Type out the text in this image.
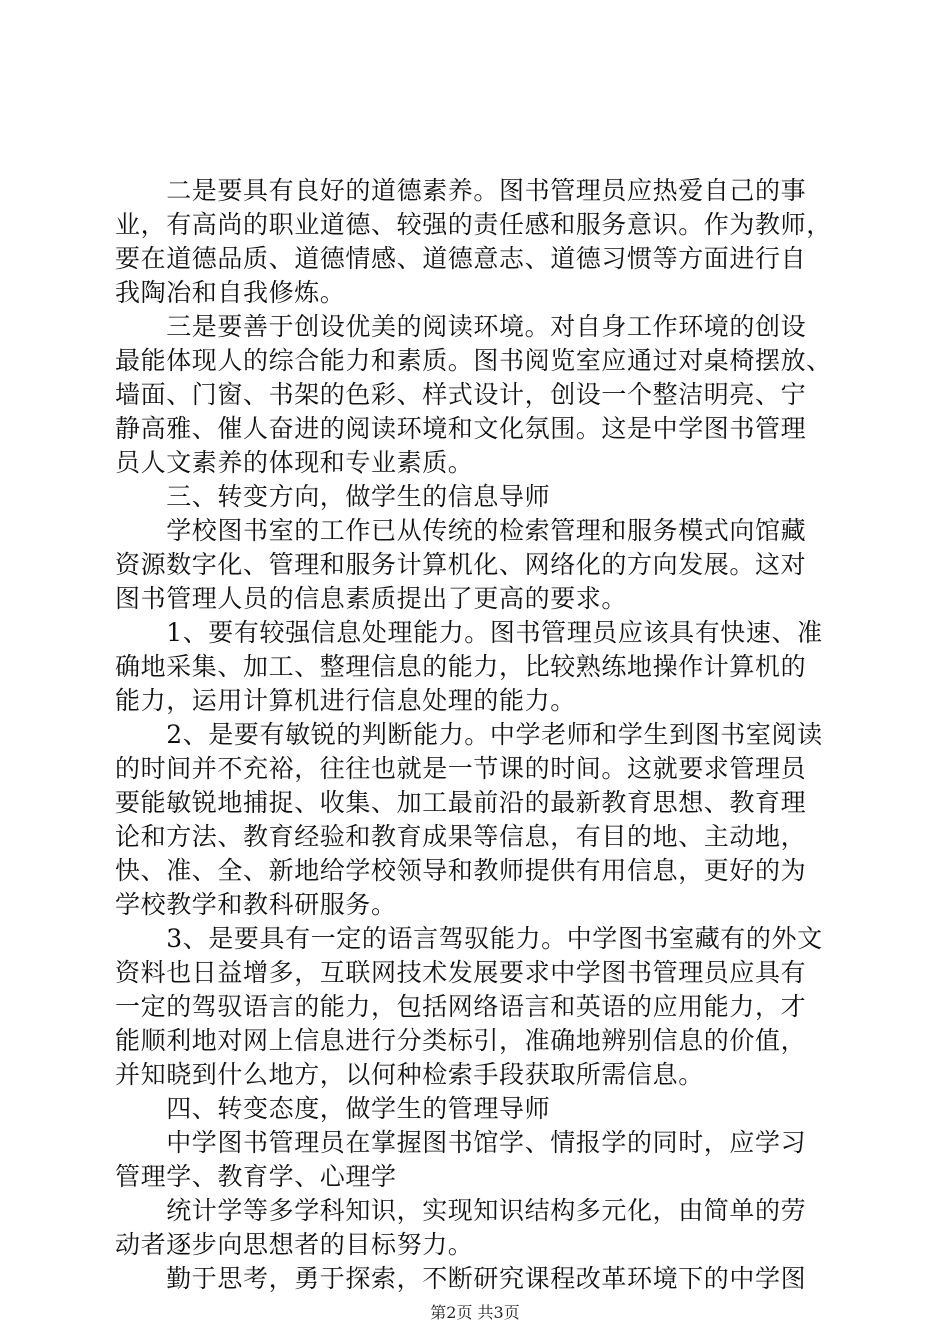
　　二是要具有良好的道德素养。图书管理员应热爱自己的事
业，有高尚的职业道德、较强的责任感和服务意识。作为教师，
要在道德品质、道德情感、道德意志、道德习惯等方面进行自
我陶冶和自我修炼。
　　三是要善于创设优美的阅读环境。对自身工作环境的创设
最能体现人的综合能力和素质。图书阅览室应通过对桌椅摆放、
墙面、门窗、书架的色彩、样式设计，创设一个整洁明亮、宁
静高雅、催人奋进的阅读环境和文化氛围。这是中学图书管理
员人文素养的体现和专业素质。
　　三、转变方向，做学生的信息导师
　　学校图书室的工作已从传统的检索管理和服务模式向馆藏
资源数字化、管理和服务计算机化、网络化的方向发展。这对
图书管理人员的信息素质提出了更高的要求。
　　1、要有较强信息处理能力。图书管理员应该具有快速、准
确地采集、加工、整理信息的能力，比较熟练地操作计算机的
能力，运用计算机进行信息处理的能力。
　　2、是要有敏锐的判断能力。中学老师和学生到图书室阅读
的时间并不充裕，往往也就是一节课的时间。这就要求管理员
要能敏锐地捕捉、收集、加工最前沿的最新教育思想、教育理
论和方法、教育经验和教育成果等信息，有目的地、主动地，
快、准、全、新地给学校领导和教师提供有用信息，更好的为
学校教学和教科研服务。
　　3、是要具有一定的语言驾驭能力。中学图书室藏有的外文
资料也日益增多，互联网技术发展要求中学图书管理员应具有
一定的驾驭语言的能力，包括网络语言和英语的应用能力，才
能顺利地对网上信息进行分类标引，准确地辨别信息的价值，
并知晓到什么地方，以何种检索手段获取所需信息。
　　四、转变态度，做学生的管理导师
　　中学图书管理员在掌握图书馆学、情报学的同时，应学习
管理学、教育学、心理学
　　统计学等多学科知识，实现知识结构多元化，由简单的劳
动者逐步向思想者的目标努力。
　　勤于思考，勇于探索，不断研究课程改革环境下的中学图
第2页 共3页
